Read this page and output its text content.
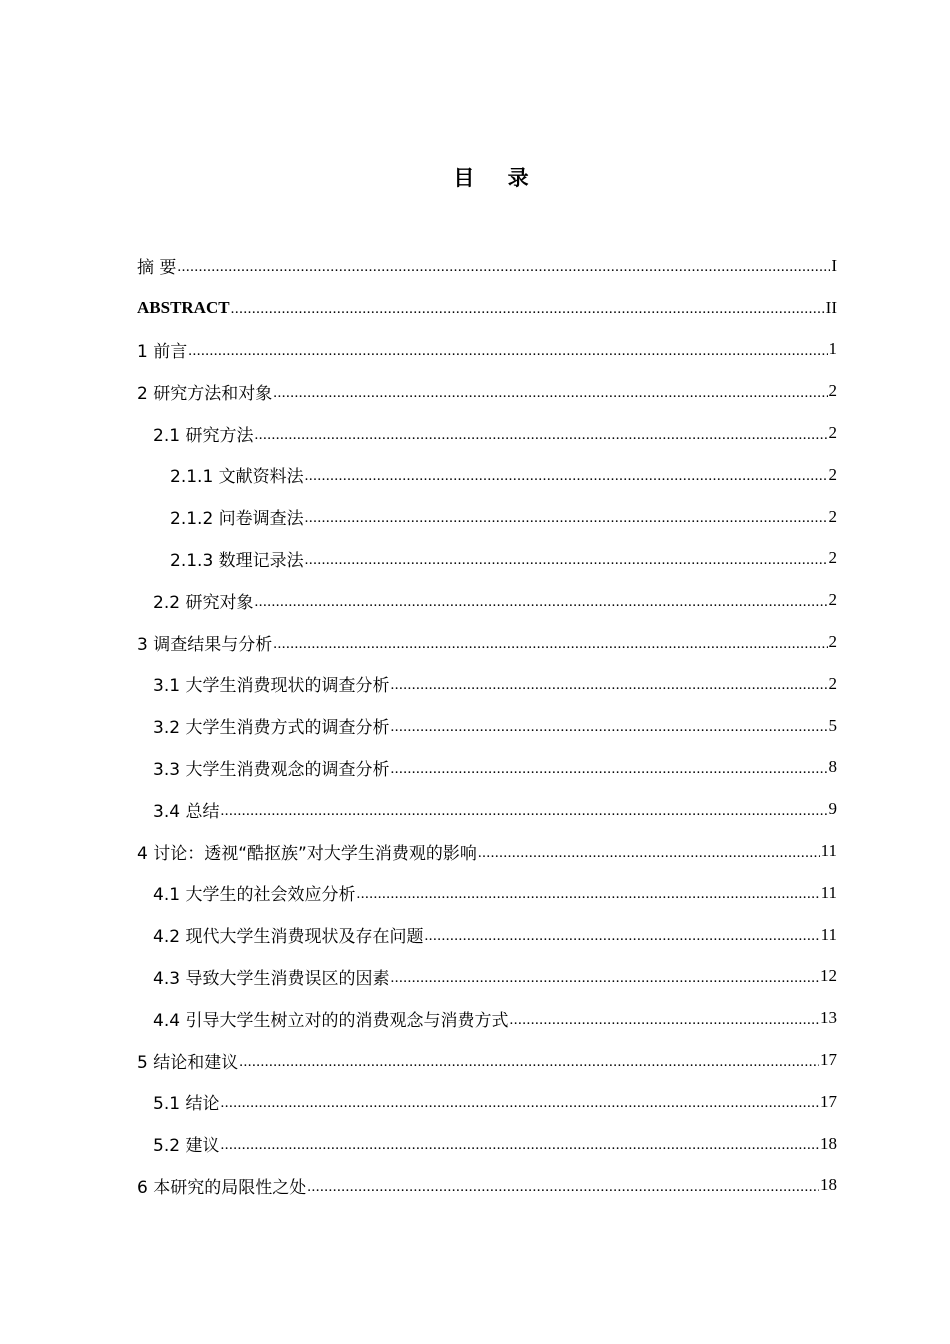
目 录
摘 要 .....	I
ABSTRACT .....	II
1 前言 .....	1
2 研究方法和对象 .....	2
2.1 研究方法 .....	2
2.1.1 文献资料法 .....	2
2.1.2 问卷调查法 .....	2
2.1.3 数理记录法 .....	2
2.2 研究对象 .....	2
3 调查结果与分析 .....	2
3.1 大学生消费现状的调查分析 .....	2
3.2 大学生消费方式的调查分析 .....	5
3.3 大学生消费观念的调查分析 .....	8
3.4 总结 .....	9
4 讨论：透视“酷抠族”对大学生消费观的影响 .....	11
4.1 大学生的社会效应分析 .....	11
4.2 现代大学生消费现状及存在问题 .....	11
4.3 导致大学生消费误区的因素 .....	12
4.4 引导大学生树立对的的消费观念与消费方式 .....	13
5 结论和建议 .....	17
5.1 结论 .....	17
5.2 建议 .....	18
6 本研究的局限性之处 .....	18
